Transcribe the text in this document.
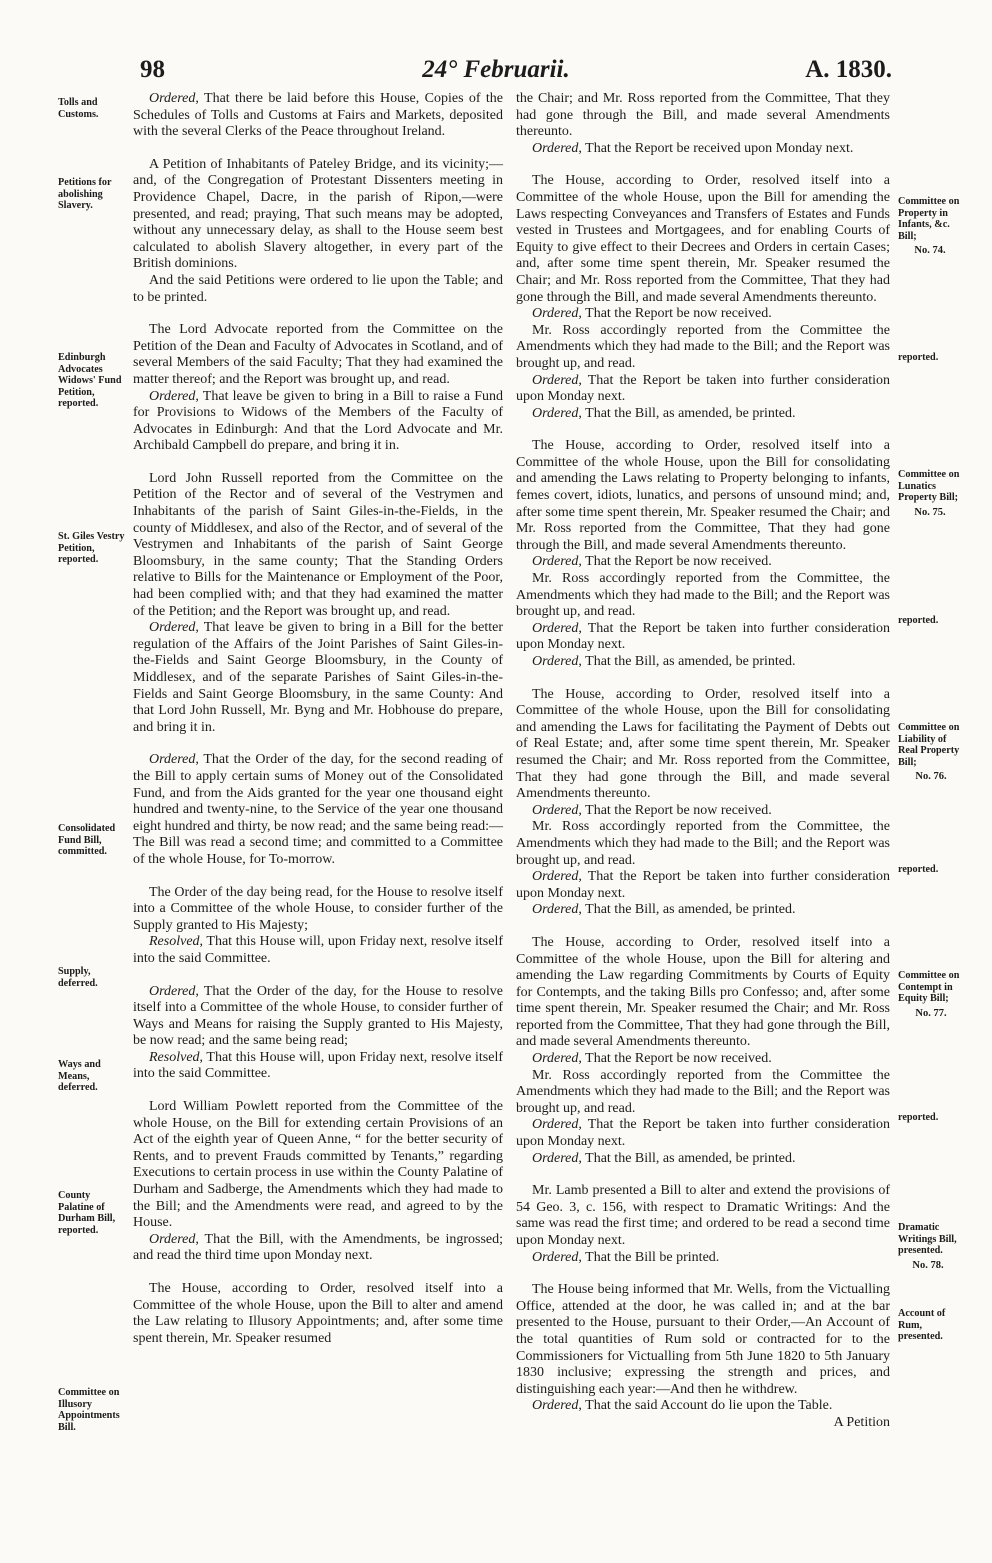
98	24° Februarii.	A. 1830.
Tolls and Customs.
Petitions for abolishing Slavery.
Edinburgh Advocates Widows' Fund Petition, reported.
St. Giles Vestry Petition, reported.
Consolidated Fund Bill, committed.
Supply, deferred.
Ways and Means, deferred.
County Palatine of Durham Bill, reported.
Committee on Illusory Appointments Bill.
Committee on Property in Infants, &c. Bill;
No. 74.
reported.
Committee on Lunatics Property Bill;
No. 75.
reported.
Committee on Liability of Real Property Bill;
No. 76.
reported.
Committee on Contempt in Equity Bill;
No. 77.
reported.
Dramatic Writings Bill, presented.
No. 78.
Account of Rum, presented.

Ordered, That there be laid before this House, Copies of the Schedules of Tolls and Customs at Fairs and Markets, deposited with the several Clerks of the Peace throughout Ireland.

A Petition of Inhabitants of Pateley Bridge, and its vicinity;—and, of the Congregation of Protestant Dissenters meeting in Providence Chapel, Dacre, in the parish of Ripon,—were presented, and read; praying, That such means may be adopted, without any unnecessary delay, as shall to the House seem best calculated to abolish Slavery altogether, in every part of the British dominions.

And the said Petitions were ordered to lie upon the Table; and to be printed.

The Lord Advocate reported from the Committee on the Petition of the Dean and Faculty of Advocates in Scotland, and of several Members of the said Faculty; That they had examined the matter thereof; and the Report was brought up, and read.

Ordered, That leave be given to bring in a Bill to raise a Fund for Provisions to Widows of the Members of the Faculty of Advocates in Edinburgh: And that the Lord Advocate and Mr. Archibald Campbell do prepare, and bring it in.

Lord John Russell reported from the Committee on the Petition of the Rector and of several of the Vestrymen and Inhabitants of the parish of Saint Giles-in-the-Fields, in the county of Middlesex, and also of the Rector, and of several of the Vestrymen and Inhabitants of the parish of Saint George Bloomsbury, in the same county; That the Standing Orders relative to Bills for the Maintenance or Employment of the Poor, had been complied with; and that they had examined the matter of the Petition; and the Report was brought up, and read.

Ordered, That leave be given to bring in a Bill for the better regulation of the Affairs of the Joint Parishes of Saint Giles-in-the-Fields and Saint George Bloomsbury, in the County of Middlesex, and of the separate Parishes of Saint Giles-in-the-Fields and Saint George Bloomsbury, in the same County: And that Lord John Russell, Mr. Byng and Mr. Hobhouse do prepare, and bring it in.

Ordered, That the Order of the day, for the second reading of the Bill to apply certain sums of Money out of the Consolidated Fund, and from the Aids granted for the year one thousand eight hundred and twenty-nine, to the Service of the year one thousand eight hundred and thirty, be now read; and the same being read:—The Bill was read a second time; and committed to a Committee of the whole House, for To-morrow.

The Order of the day being read, for the House to resolve itself into a Committee of the whole House, to consider further of the Supply granted to His Majesty;

Resolved, That this House will, upon Friday next, resolve itself into the said Committee.

Ordered, That the Order of the day, for the House to resolve itself into a Committee of the whole House, to consider further of Ways and Means for raising the Supply granted to His Majesty, be now read; and the same being read;

Resolved, That this House will, upon Friday next, resolve itself into the said Committee.

Lord William Powlett reported from the Committee of the whole House, on the Bill for extending certain Provisions of an Act of the eighth year of Queen Anne, “ for the better security of Rents, and to prevent Frauds committed by Tenants,” regarding Executions to certain process in use within the County Palatine of Durham and Sadberge, the Amendments which they had made to the Bill; and the Amendments were read, and agreed to by the House.

Ordered, That the Bill, with the Amendments, be ingrossed; and read the third time upon Monday next.

The House, according to Order, resolved itself into a Committee of the whole House, upon the Bill to alter and amend the Law relating to Illusory Appointments; and, after some time spent therein, Mr. Speaker resumed

the Chair; and Mr. Ross reported from the Committee, That they had gone through the Bill, and made several Amendments thereunto.

Ordered, That the Report be received upon Monday next.

The House, according to Order, resolved itself into a Committee of the whole House, upon the Bill for amending the Laws respecting Conveyances and Transfers of Estates and Funds vested in Trustees and Mortgagees, and for enabling Courts of Equity to give effect to their Decrees and Orders in certain Cases; and, after some time spent therein, Mr. Speaker resumed the Chair; and Mr. Ross reported from the Committee, That they had gone through the Bill, and made several Amendments thereunto.

Ordered, That the Report be now received.

Mr. Ross accordingly reported from the Committee the Amendments which they had made to the Bill; and the Report was brought up, and read.

Ordered, That the Report be taken into further consideration upon Monday next.

Ordered, That the Bill, as amended, be printed.

The House, according to Order, resolved itself into a Committee of the whole House, upon the Bill for consolidating and amending the Laws relating to Property belonging to infants, femes covert, idiots, lunatics, and persons of unsound mind; and, after some time spent therein, Mr. Speaker resumed the Chair; and Mr. Ross reported from the Committee, That they had gone through the Bill, and made several Amendments thereunto.

Ordered, That the Report be now received.

Mr. Ross accordingly reported from the Committee, the Amendments which they had made to the Bill; and the Report was brought up, and read.

Ordered, That the Report be taken into further consideration upon Monday next.

Ordered, That the Bill, as amended, be printed.

The House, according to Order, resolved itself into a Committee of the whole House, upon the Bill for consolidating and amending the Laws for facilitating the Payment of Debts out of Real Estate; and, after some time spent therein, Mr. Speaker resumed the Chair; and Mr. Ross reported from the Committee, That they had gone through the Bill, and made several Amendments thereunto.

Ordered, That the Report be now received.

Mr. Ross accordingly reported from the Committee, the Amendments which they had made to the Bill; and the Report was brought up, and read.

Ordered, That the Report be taken into further consideration upon Monday next.

Ordered, That the Bill, as amended, be printed.

The House, according to Order, resolved itself into a Committee of the whole House, upon the Bill for altering and amending the Law regarding Commitments by Courts of Equity for Contempts, and the taking Bills pro Confesso; and, after some time spent therein, Mr. Speaker resumed the Chair; and Mr. Ross reported from the Committee, That they had gone through the Bill, and made several Amendments thereunto.

Ordered, That the Report be now received.

Mr. Ross accordingly reported from the Committee the Amendments which they had made to the Bill; and the Report was brought up, and read.

Ordered, That the Report be taken into further consideration upon Monday next.

Ordered, That the Bill, as amended, be printed.

Mr. Lamb presented a Bill to alter and extend the provisions of 54 Geo. 3, c. 156, with respect to Dramatic Writings: And the same was read the first time; and ordered to be read a second time upon Monday next.

Ordered, That the Bill be printed.

The House being informed that Mr. Wells, from the Victualling Office, attended at the door, he was called in; and at the bar presented to the House, pursuant to their Order,—An Account of the total quantities of Rum sold or contracted for to the Commissioners for Victualling from 5th June 1820 to 5th January 1830 inclusive; expressing the strength and prices, and distinguishing each year:—And then he withdrew.

Ordered, That the said Account do lie upon the Table.

A Petition
